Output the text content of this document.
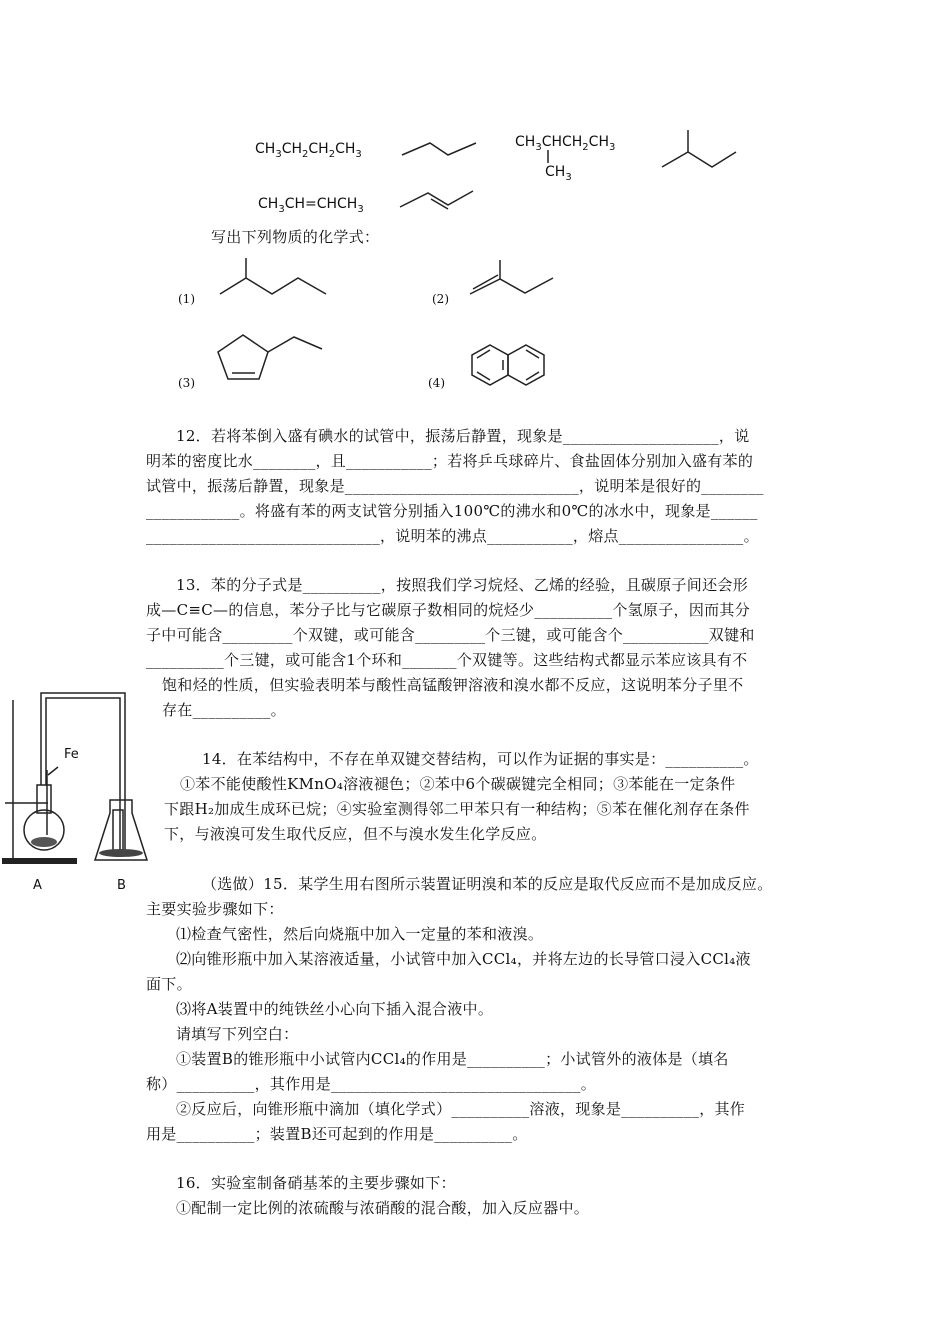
$CH_3CH_2CH_2CH_3$
$CH_3CHCH_2CH_3$
$CH_3$
$CH_3CH=CHCH_3$
写出下列物质的化学式：
(1)	(2)
(3)	(4)
12．若将苯倒入盛有碘水的试管中，振荡后静置，现象是____________________，说
明苯的密度比水________，且___________；若将乒乓球碎片、食盐固体分别加入盛有苯的
试管中，振荡后静置，现象是______________________________，说明苯是很好的________
____________。将盛有苯的两支试管分别插入100℃的沸水和0℃的冰水中，现象是______
______________________________，说明苯的沸点___________，熔点________________。
13．苯的分子式是__________，按照我们学习烷烃、乙烯的经验，且碳原子间还会形
成—C≡C—的信息，苯分子比与它碳原子数相同的烷烃少__________个氢原子，因而其分
子中可能含_________个双键，或可能含_________个三键，或可能含个___________双键和
__________个三键，或可能含1个环和_______个双键等。这些结构式都显示苯应该具有不
饱和烃的性质，但实验表明苯与酸性高锰酸钾溶液和溴水都不反应，这说明苯分子里不
存在__________。
Fe
A	B
14．在苯结构中，不存在单双键交替结构，可以作为证据的事实是：__________。
①苯不能使酸性KMnO₄溶液褪色；②苯中6个碳碳键完全相同；③苯能在一定条件
下跟H₂加成生成环已烷；④实验室测得邻二甲苯只有一种结构；⑤苯在催化剂存在条件
下，与液溴可发生取代反应，但不与溴水发生化学反应。
（选做）15．某学生用右图所示装置证明溴和苯的反应是取代反应而不是加成反应。
主要实验步骤如下：
⑴检查气密性，然后向烧瓶中加入一定量的苯和液溴。
⑵向锥形瓶中加入某溶液适量，小试管中加入CCl₄，并将左边的长导管口浸入CCl₄液
面下。
⑶将A装置中的纯铁丝小心向下插入混合液中。
请填写下列空白：
①装置B的锥形瓶中小试管内CCl₄的作用是__________；小试管外的液体是（填名
称）__________，其作用是________________________________。
②反应后，向锥形瓶中滴加（填化学式）__________溶液，现象是__________，其作
用是__________；装置B还可起到的作用是__________。
16．实验室制备硝基苯的主要步骤如下：
①配制一定比例的浓硫酸与浓硝酸的混合酸，加入反应器中。
